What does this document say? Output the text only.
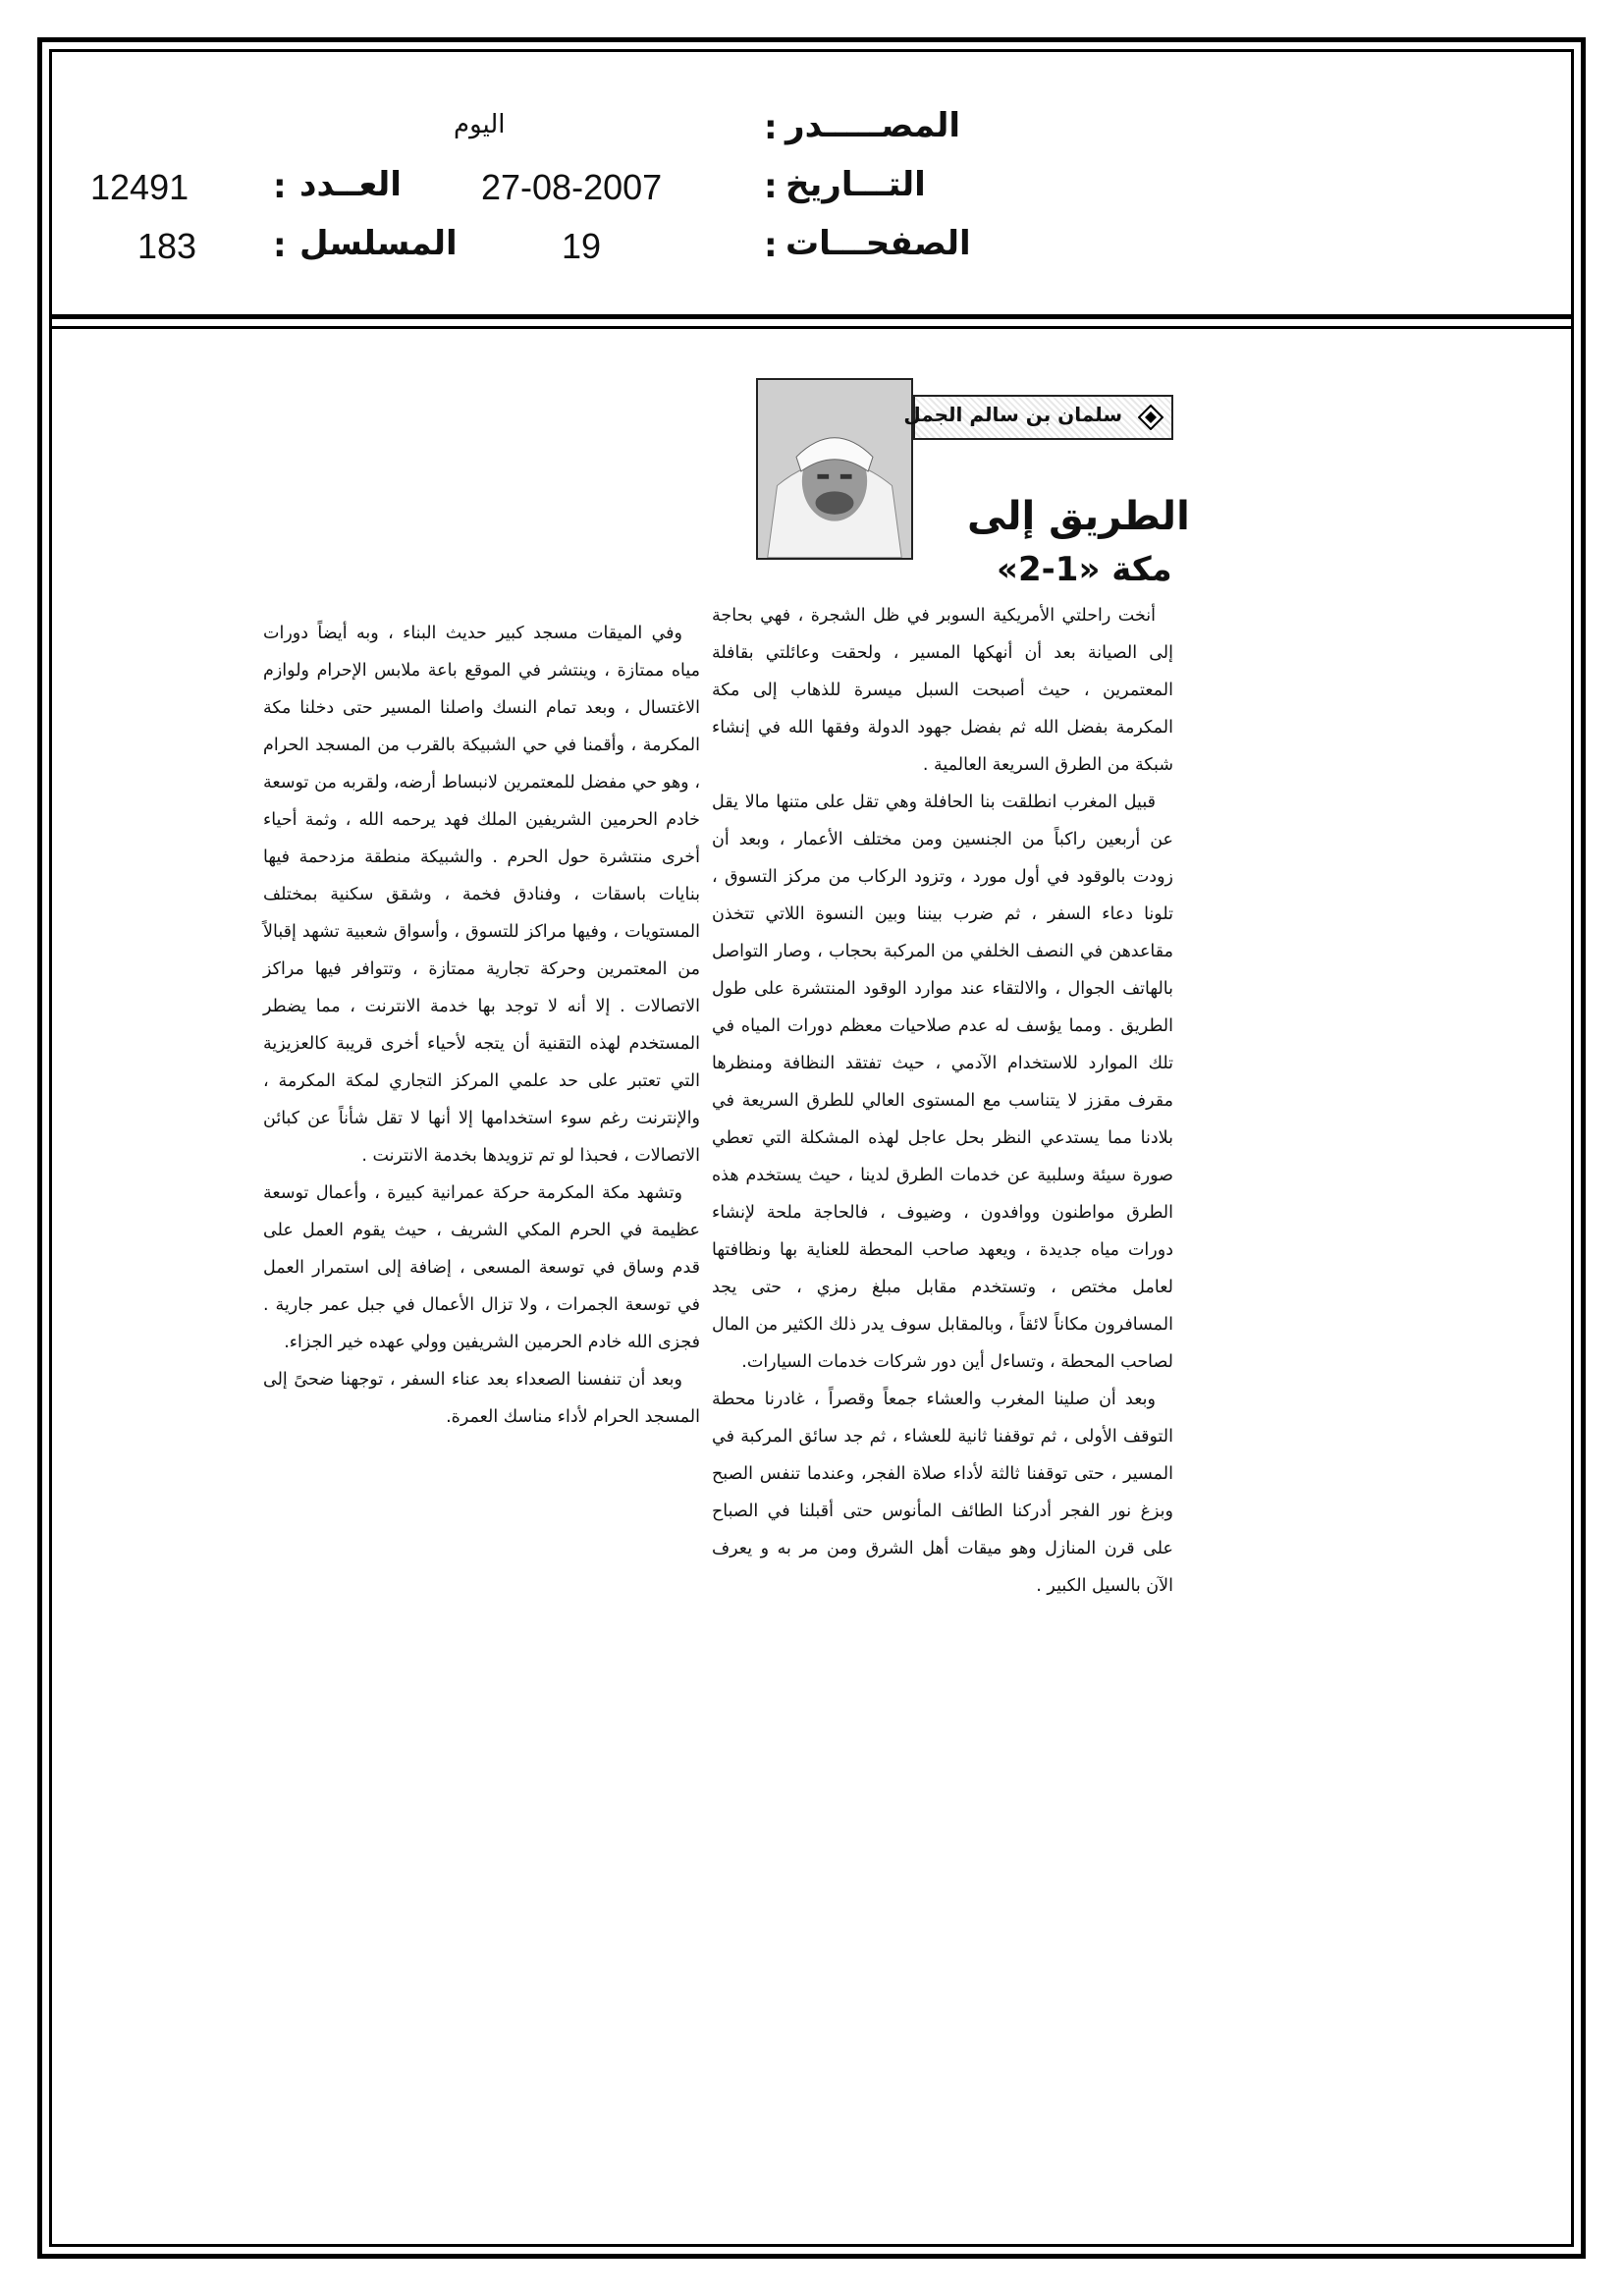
المصـــــدر
:
اليوم
التـــاريخ
:
27-08-2007
الصفحـــات
:
19
العــدد
:
12491
المسلسل
:
183
سلمان بن سالم الجمل
الطريق إلى
مكة «1-2»

أنخت راحلتي الأمريكية السوبر في ظل الشجرة ، فهي بحاجة إلى الصيانة بعد أن أنهكها المسير ، ولحقت وعائلتي بقافلة المعتمرين ، حيث أصبحت السبل ميسرة للذهاب إلى مكة المكرمة بفضل الله ثم بفضل جهود الدولة وفقها الله في إنشاء شبكة من الطرق السريعة العالمية .

قبيل المغرب انطلقت بنا الحافلة وهي تقل على متنها مالا يقل عن أربعين راكباً من الجنسين ومن مختلف الأعمار ، وبعد أن زودت بالوقود في أول مورد ، وتزود الركاب من مركز التسوق ، تلونا دعاء السفر ، ثم ضرب بيننا وبين النسوة اللاتي تتخذن مقاعدهن في النصف الخلفي من المركبة بحجاب ، وصار التواصل بالهاتف الجوال ، والالتقاء عند موارد الوقود المنتشرة على طول الطريق . ومما يؤسف له عدم صلاحيات معظم دورات المياه في تلك الموارد للاستخدام الآدمي ، حيث تفتقد النظافة ومنظرها مقرف مقزز لا يتناسب مع المستوى العالي للطرق السريعة في بلادنا مما يستدعي النظر بحل عاجل لهذه المشكلة التي تعطي صورة سيئة وسلبية عن خدمات الطرق لدينا ، حيث يستخدم هذه الطرق مواطنون ووافدون ، وضيوف ، فالحاجة ملحة لإنشاء دورات مياه جديدة ، ويعهد صاحب المحطة للعناية بها ونظافتها لعامل مختص ، وتستخدم مقابل مبلغ رمزي ، حتى يجد المسافرون مكاناً لائقاً ، وبالمقابل سوف يدر ذلك الكثير من المال لصاحب المحطة ، وتساءل أين دور شركات خدمات السيارات.

وبعد أن صلينا المغرب والعشاء جمعاً وقصراً ، غادرنا محطة التوقف الأولى ، ثم توقفنا ثانية للعشاء ، ثم جد سائق المركبة في المسير ، حتى توقفنا ثالثة لأداء صلاة الفجر، وعندما تنفس الصبح وبزغ نور الفجر أدركنا الطائف المأنوس حتى أقبلنا في الصباح على قرن المنازل وهو ميقات أهل الشرق ومن مر به و يعرف الآن بالسيل الكبير .

وفي الميقات مسجد كبير حديث البناء ، وبه أيضاً دورات مياه ممتازة ، وينتشر في الموقع باعة ملابس الإحرام ولوازم الاغتسال ، وبعد تمام النسك واصلنا المسير حتى دخلنا مكة المكرمة ، وأقمنا في حي الشبيكة بالقرب من المسجد الحرام ، وهو حي مفضل للمعتمرين لانبساط أرضه، ولقربه من توسعة خادم الحرمين الشريفين الملك فهد يرحمه الله ، وثمة أحياء أخرى منتشرة حول الحرم . والشبيكة منطقة مزدحمة فيها بنايات باسقات ، وفنادق فخمة ، وشقق سكنية بمختلف المستويات ، وفيها مراكز للتسوق ، وأسواق شعبية تشهد إقبالاً من المعتمرين وحركة تجارية ممتازة ، وتتوافر فيها مراكز الاتصالات . إلا أنه لا توجد بها خدمة الانترنت ، مما يضطر المستخدم لهذه التقنية أن يتجه لأحياء أخرى قريبة كالعزيزية التي تعتبر على حد علمي المركز التجاري لمكة المكرمة ، والإنترنت رغم سوء استخدامها إلا أنها لا تقل شأناً عن كبائن الاتصالات ، فحبذا لو تم تزويدها بخدمة الانترنت .

وتشهد مكة المكرمة حركة عمرانية كبيرة ، وأعمال توسعة عظيمة في الحرم المكي الشريف ، حيث يقوم العمل على قدم وساق في توسعة المسعى ، إضافة إلى استمرار العمل في توسعة الجمرات ، ولا تزال الأعمال في جبل عمر جارية . فجزى الله خادم الحرمين الشريفين وولي عهده خير الجزاء.

وبعد أن تنفسنا الصعداء بعد عناء السفر ، توجهنا ضحىً إلى المسجد الحرام لأداء مناسك العمرة.
